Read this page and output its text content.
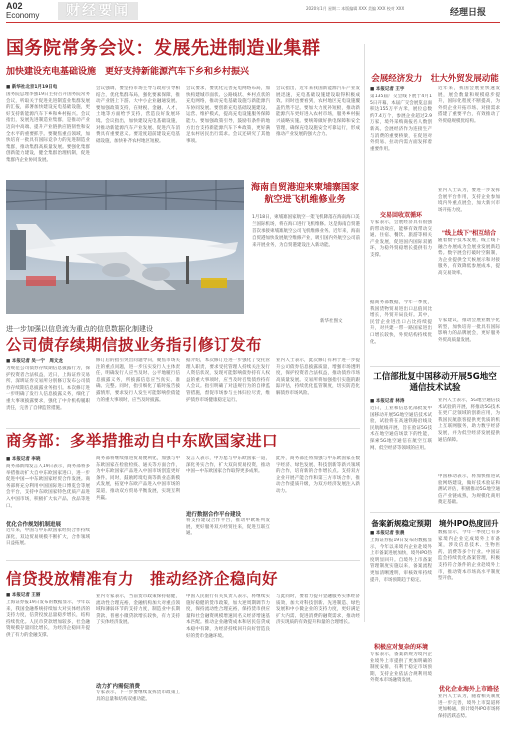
A02
Economy	财经要闻	2020年1月 星期二 本版编辑 XXX 美编 XXX 校对 XXX	经理日报
国务院常务会议：发展先进制造业集群
加快建设充电基础设施　更好支持新能源汽车下乡和乡村振兴
■ 新华社北京1月19日电
国务院总理李强19日主持召开国务院常务会议，听取关于促进先进制造业集群发展的汇报，部署加快建设充电基础设施，更好支持新能源汽车下乡和乡村振兴。会议指出，发展先进制造业集群，是推动产业迈向中高端、提升产业链供应链韧性和安全水平的重要抓手。要聚焦重点领域，加快培育一批具有国际竞争力的先进制造业集群，推动集群高质量发展。要强化集群创新能力建设，健全集群治理机制，促进集群内企业协同发展。
会议强调，要坚持市场主导与政府引导相结合，优化集群布局，强化要素保障，推动产业链上下游、大中小企业融通发展。要加强政策支持，在财税、金融、人才、土地等方面给予支持，营造良好发展环境。会议指出，加快建设充电基础设施，对推动新能源汽车产业发展、促进汽车消费具有重要意义。要适度超前建设充电基础设施，加快补齐农村地区短板。
会议要求，要优化完善充电网络布局，加快构建城市面状、公路线状、乡村点状的充电网络，推动充电基础设施与新能源汽车协同发展。要创新充电基础设施建设、运营、维护模式，提高充电设施服务保障能力。要加强政策引导，鼓励有条件的地方出台支持新能源汽车下乡政策，更好满足农村居民出行需求。会议还研究了其他事项。
会议指出，近年来我国新能源汽车产业发展迅速，充电基础设施建设取得积极成效。同时也要看到，农村地区充电设施覆盖仍然不足。要加大力度补短板，推动新能源汽车更好进入农村市场，服务乡村振兴战略实施。要统筹做好供电保障和安全管理，确保充电设施安全可靠运行，形成推动产业发展的强大合力。
海南自贸港迎来柬埔寨国家航空进飞机维修业务
1月18日，柬埔寨国家航空一架飞机降落在海南海口美兰国际机场，将在海口进行飞机维修。这是海南自贸港首次承接柬埔寨航空公司飞机维修业务。近年来，海南自贸港加快发展航空维修产业，吸引国内外航空公司前来开展业务，为自贸港建设注入新动能。
新华社图文
进一步加强以信息流为重点的信息数据化制建设
公司债存续期信披业务指引修订发布
■ 本报记者 吴一宁　周文龙
为规范公司债券存续期信息披露行为，保护投资者合法权益，近日，上海证券交易所、深圳证券交易所分别修订发布公司债券存续期信息披露业务指引。本次修订进一步明确了发行人信息披露义务，细化了重大事项披露要求，强化了中介机构履职责任，完善了自律监管措施。
修订后的指引突出问题导向，聚焦市场关注的重点问题，进一步压实发行人主体责任，明确发行人应当及时、公平地履行信息披露义务，所披露信息应当真实、准确、完整。同时，指引细化了临时报告披露情形，要求发行人发生可能影响偿债能力的重大事项时，应当及时披露。
据介绍，本次修订还进一步强化了受托管理人职责，要求受托管理人持续关注发行人资信状况，发现可能影响债券持有人权益的重大事项时，应当及时召集债券持有人会议。指引明确了对违规行为的自律监管措施，督促市场参与主体归位尽责，维护债券市场健康稳定运行。
业内人士表示，此次修订有利于进一步提升公司债券信息披露质量，增强市场透明度，保护投资者合法权益，推动债券市场高质量发展。交易所将加强指引实施的跟踪评估，持续优化监管制度，切实防范化解债券市场风险。
商务部：多举措推动自中东欧国家进口
■ 本报记者 李晓
商务部新闻发言人19日表示，商务部将多举措推动扩大自中东欧国家进口，进一步促进中国—中东欧国家经贸合作发展。商务部将充分利用中国国际进口博览会等展会平台，支持中东欧国家特色优质产品进入中国市场，积极扩大农产品、食品等进口。
优化合作规划机制进展
近年来，中国与中东欧国家经贸合作持续深化，双边贸易规模不断扩大，合作领域日益拓展。
商务部将继续推进贸易便利化，加强与中东欧国家在检验检疫、通关等方面合作，为中东欧国家产品进入中国市场创造更好条件。同时，鼓励跨境电商等新业态新模式发展，拓宽中东欧产品进入中国市场的渠道，推动双方贸易平衡发展，实现互利共赢。
发言人表示，中方愿与中东欧国家一道，深化务实合作，扩大双向贸易投资，推动中国—中东欧国家合作取得更多成果。
进行数据合作平台建设
将支持建设合作平台，推动中欧班列发展，更好服务双方经贸往来，促进互联互通。
此外，商务部还将加强与中东欧国家在数字经济、绿色发展、科技创新等新兴领域的合作，培育新的合作增长点。支持双方企业开展产能合作和第三方市场合作，推动合作提质升级，为双方经济发展注入新动力。
信贷投放精准有力　推动经济企稳向好
■ 本报记者 王丽
上海证券报19日发布的数据显示，今年以来，我国金融系统持续加大对实体经济的支持力度，信贷投放总量稳步增长，结构持续优化。人民币贷款增加较多，社会融资规模存量同比增长，为经济企稳回升提供了有力的金融支撑。
业内专家表示，当前货币政策保持稳健，流动性合理充裕，金融机构加大对重点领域和薄弱环节的支持力度，制造业中长期贷款、普惠小微贷款增长较快，有力支持了实体经济发展。
动力扩内需促消费
专家表示，下一步要继续发挥货币政策工具的总量和结构双重功能。
中国人民银行有关负责人表示，将继续实施好稳健的货币政策，加大逆周期调节力度，保持流动性合理充裕，保持货币供应量和社会融资规模增速同名义经济增速基本匹配。推动企业融资成本和居民信贷成本稳中有降，为经济持续回升向好营造良好的货币金融环境。
与此同时，要着力提升金融服务实体经济质效，加大对科技创新、先进制造、绿色发展和中小微企业的支持力度，更好满足扩大内需、促进消费的融资需求，推动经济实现质的有效提升和量的合理增长。
会展经济发力　壮大外贸发展动能
■ 本报记者 王宇
第135届广交会线下展于4月15日开幕，本届广交会展览总面积达155万平方米，展位总数约7.4万个，参展企业超过2.9万家，境外采购商报名人数创新高。会展经济作为连接生产与消费的重要桥梁，在促进对外贸易、拉动内需方面发挥着重要作用。
近年来，我国会展业快速发展，展会数量和规模稳步提升，国际化程度不断提高，为外贸企业开拓市场、对接需求搭建了重要平台，有效推动了外贸稳规模优结构。
交易回收双循环
专家表示，会展经济具有很强的带动效应，能够有效带动交通、住宿、餐饮、旅游等相关产业发展，促进国内国际双循环，为稳外贸稳增长提供有力支撑。
据商务部数据，今年一季度，我国货物贸易进出口总值同比增长，外贸开局良好。其中，民营企业进出口占比持续提升，对共建一带一路国家进出口增长较快，外贸结构持续优化。
业内人士认为，要进一步发挥会展平台作用，支持企业参加境内外重点展会，加大新兴市场开拓力度。
"线上线下"相互结合
随着数字技术发展，线上线下融合办展成为会展业发展新趋势。数字展会打破时空限制，为企业提供全天候展示和对接服务，有效降低参展成本，提高交易效率。
专家建议，推动会展业数字化转型，加快培育一批具有国际影响力的品牌展会，更好服务外贸高质量发展。
工信部批复中国移动开展5G地空通信技术试验
■ 本报记者 林涛
近日，工业和信息化部批复中国移动开展5G地空通信技术试验，试验将在高速铁路沿线及民航航线开展，旨在验证5G技术在地空通信场景下的性能，探索5G地空通信在航空互联网、低空经济等领域的应用。
业内人士表示，5G地空通信技术试验的开展，将推动5G技术在更广泛领域的创新应用，为我国民航旅客提供更优质的机上互联网服务，助力数字经济发展，并为低空经济发展提供通信保障。
中国移动表示，将加快推进试验网络建设，做好技术验证和测试评估，积极推动5G地空通信产业链成熟，为规模化商用奠定基础。
备案新规稳定预期　境外IPO热度回升
■ 本报记者 张晨
上海证券报19日发布的数据显示，今年以来境内企业赴境外上市备案进展加快，境外IPO热度明显回升。自境外上市备案管理制度实施以来，备案流程更加清晰透明，审核效率持续提升，市场预期趋于稳定。
积极应对复杂的环境
专家表示，备案新规为境内企业境外上市提供了更加明确的制度安排，有利于稳定市场预期，支持企业依法合规利用境外资本市场融资发展。
数据显示，今年一季度已有多家境内企业完成境外上市备案，涉及信息技术、生物医药、消费等多个行业。中国证监会持续优化备案管理，积极支持符合条件的企业赴境外上市，推动资本市场高水平制度型开放。
优化企业海外上市路径
业内人士认为，随着相关制度进一步完善，境外上市渠道将更加畅通，预计境外IPO市场将保持活跃态势。
